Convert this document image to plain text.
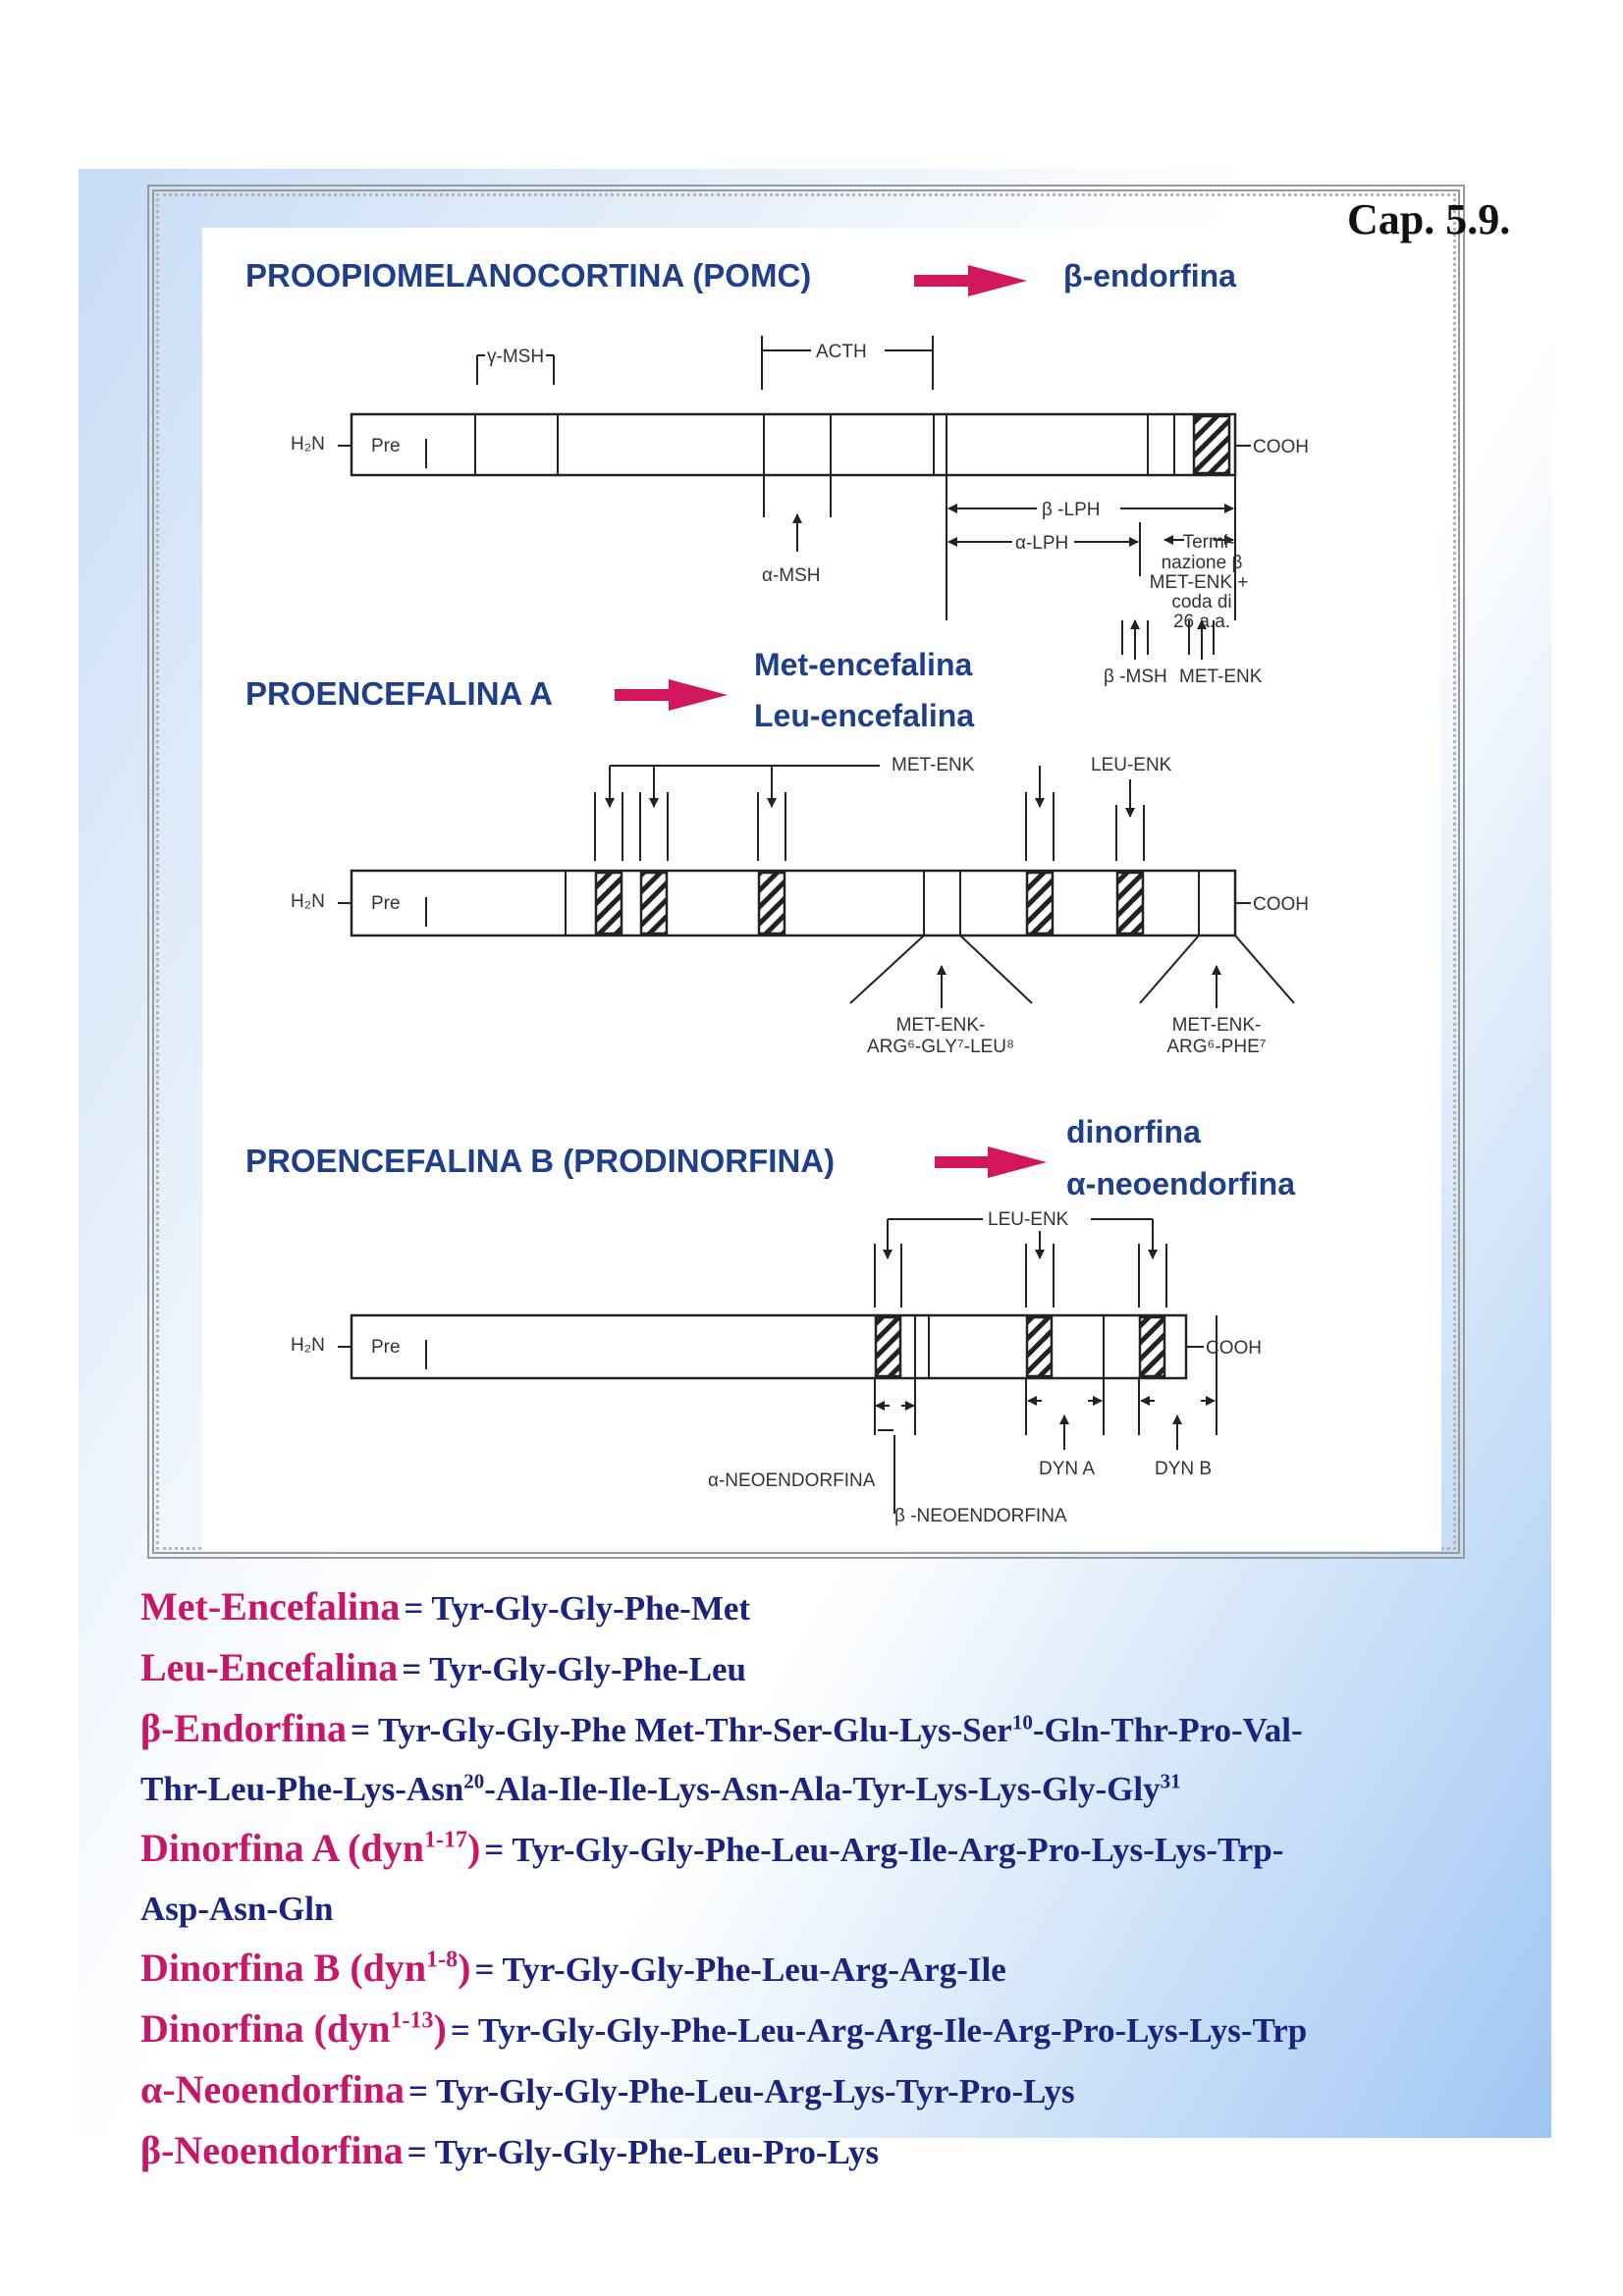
Cap. 5.9.
PROOPIOMELANOCORTINA (POMC)	β-endorfina
γ-MSH	ACTH
H₂N Pre	COOH
α-MSH
β -LPH
α-LPH	Termi-
nazione β
MET-ENK +
coda di
26 a.a.
β -MSH MET-ENK
PROENCEFALINA A
Met-encefalina
Leu-encefalina
MET-ENK	LEU-ENK
H₂N Pre	COOH
MET-ENK-
ARG⁶-GLY⁷-LEU⁸
MET-ENK-
ARG⁶-PHE⁷
PROENCEFALINA B (PRODINORFINA)
dinorfina
α-neoendorfina
LEU-ENK
H₂N Pre	COOH
α-NEOENDORFINA
β -NEOENDORFINA
DYN A	DYN B
Met-Encefalina = Tyr-Gly-Gly-Phe-Met
Leu-Encefalina = Tyr-Gly-Gly-Phe-Leu
β-Endorfina = Tyr-Gly-Gly-Phe Met-Thr-Ser-Glu-Lys-Ser$^{10}$-Gln-Thr-Pro-Val-
Thr-Leu-Phe-Lys-Asn$^{20}$-Ala-Ile-Ile-Lys-Asn-Ala-Tyr-Lys-Lys-Gly-Gly$^{31}$
Dinorfina A (dyn$^{1-17}$) = Tyr-Gly-Gly-Phe-Leu-Arg-Ile-Arg-Pro-Lys-Lys-Trp-
Asp-Asn-Gln
Dinorfina B (dyn$^{1-8}$) = Tyr-Gly-Gly-Phe-Leu-Arg-Arg-Ile
Dinorfina (dyn$^{1-13}$) = Tyr-Gly-Gly-Phe-Leu-Arg-Arg-Ile-Arg-Pro-Lys-Lys-Trp
α-Neoendorfina = Tyr-Gly-Gly-Phe-Leu-Arg-Lys-Tyr-Pro-Lys
β-Neoendorfina = Tyr-Gly-Gly-Phe-Leu-Pro-Lys
